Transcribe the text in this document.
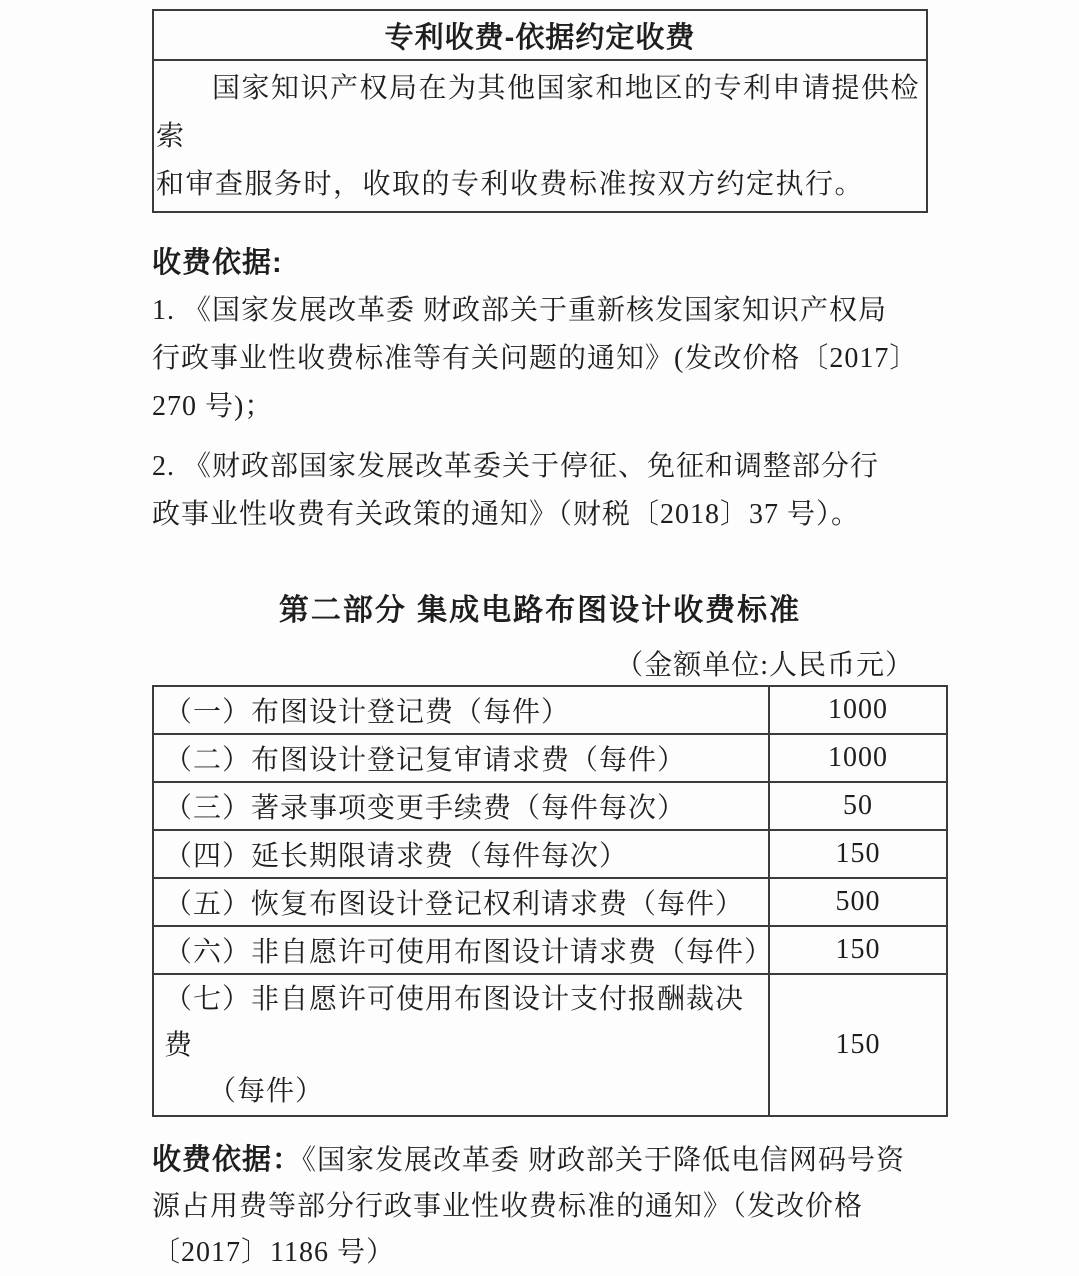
专利收费-依据约定收费
国家知识产权局在为其他国家和地区的专利申请提供检索
和审查服务时，收取的专利收费标准按双方约定执行。
收费依据:
1. 《国家发展改革委 财政部关于重新核发国家知识产权局
行政事业性收费标准等有关问题的通知》(发改价格〔2017〕
270 号)；
2. 《财政部国家发展改革委关于停征、免征和调整部分行
政事业性收费有关政策的通知》（财税〔2018〕37 号）。
第二部分 集成电路布图设计收费标准
（金额单位:人民币元）
（一）布图设计登记费（每件）	1000
（二）布图设计登记复审请求费（每件）	1000
（三）著录事项变更手续费（每件每次）	50
（四）延长期限请求费（每件每次）	150
（五）恢复布图设计登记权利请求费（每件）	500
（六）非自愿许可使用布图设计请求费（每件）	150

（七）非自愿许可使用布图设计支付报酬裁决费
（每件）	150
收费依据：《国家发展改革委 财政部关于降低电信网码号资
源占用费等部分行政事业性收费标准的通知》（发改价格
〔2017〕1186 号）
